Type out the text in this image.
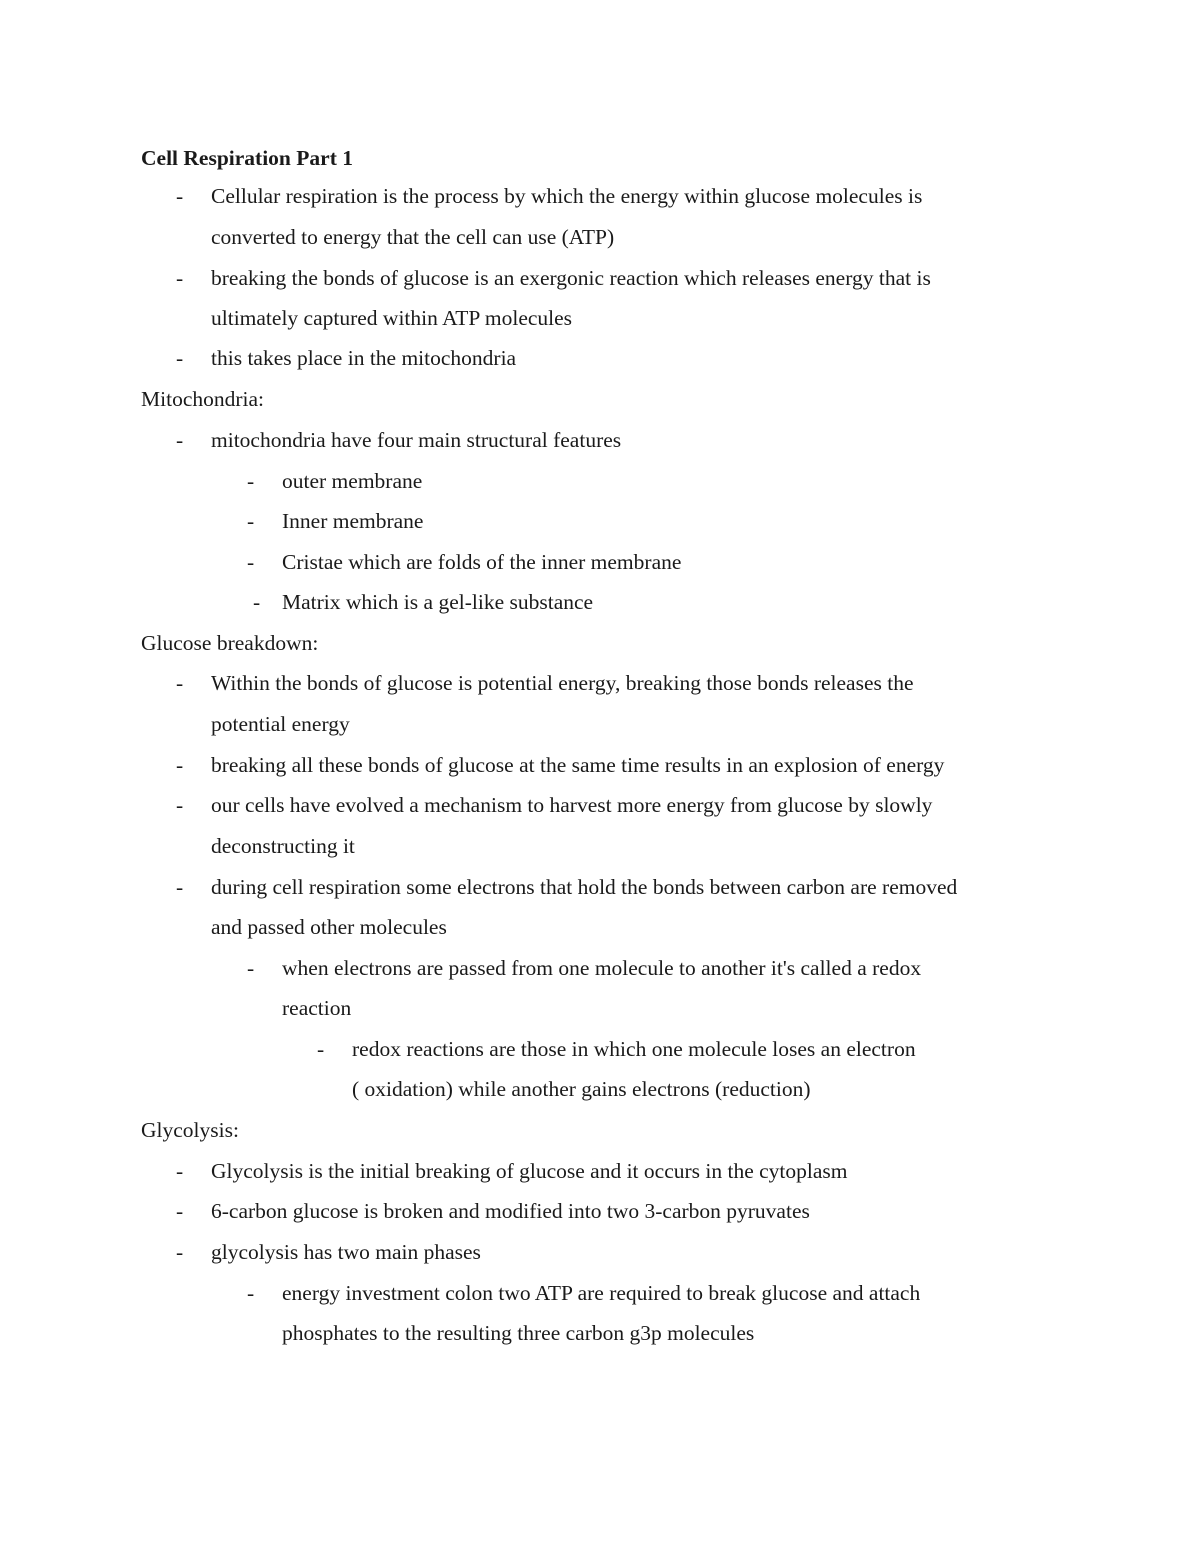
Cell Respiration Part 1
- Cellular respiration is the process by which the energy within glucose molecules is
converted to energy that the cell can use (ATP)
- breaking the bonds of glucose is an exergonic reaction which releases energy that is
ultimately captured within ATP molecules
- this takes place in the mitochondria
Mitochondria:
- mitochondria have four main structural features
- outer membrane
- Inner membrane
- Cristae which are folds of the inner membrane
- Matrix which is a gel-like substance
Glucose breakdown:
- Within the bonds of glucose is potential energy, breaking those bonds releases the
potential energy
- breaking all these bonds of glucose at the same time results in an explosion of energy
- our cells have evolved a mechanism to harvest more energy from glucose by slowly
deconstructing it
- during cell respiration some electrons that hold the bonds between carbon are removed
and passed other molecules
- when electrons are passed from one molecule to another it's called a redox
reaction
- redox reactions are those in which one molecule loses an electron
( oxidation) while another gains electrons (reduction)
Glycolysis:
- Glycolysis is the initial breaking of glucose and it occurs in the cytoplasm
- 6-carbon glucose is broken and modified into two 3-carbon pyruvates
- glycolysis has two main phases
- energy investment colon two ATP are required to break glucose and attach
phosphates to the resulting three carbon g3p molecules
